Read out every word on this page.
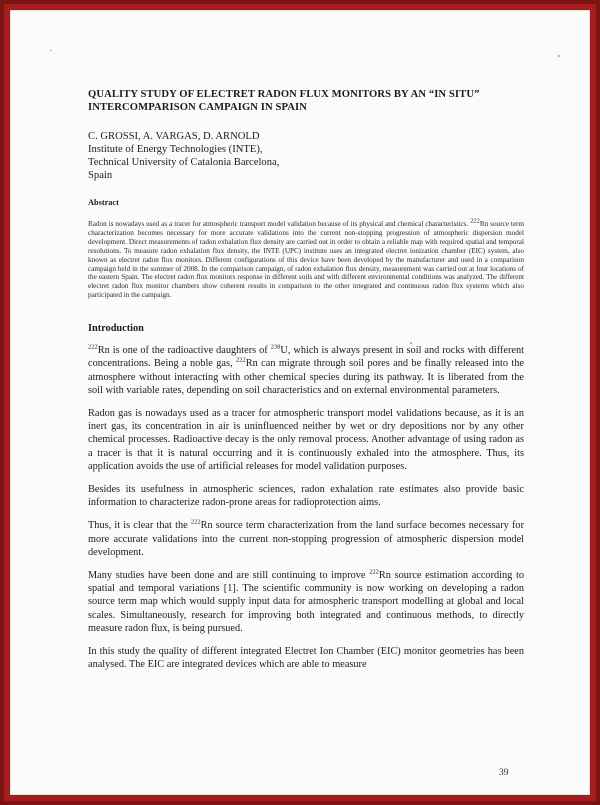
QUALITY STUDY OF ELECTRET RADON FLUX MONITORS BY AN “IN SITU”
INTERCOMPARISON CAMPAIGN IN SPAIN
C. GROSSI, A. VARGAS, D. ARNOLD
Institute of Energy Technologies (INTE),
Technical University of Catalonia Barcelona,
Spain
Abstract

Radon is nowadays used as a tracer for atmospheric transport model validation because of its physical and chemical characteristics. $^{222}$Rn source term characterization becomes necessary for more accurate validations into the current non-stopping progression of atmospheric dispersion model development. Direct measurements of radon exhalation flux density are carried out in order to obtain a reliable map with required spatial and temporal resolutions. To measure radon exhalation flux density, the INTE (UPC) institute uses an integrated electret ionization chamber (EIC) system, also known as electret radon flux monitors. Different configurations of this device have been developed by the manufacturer and used in a comparison campaign held in the summer of 2008. In the comparison campaign, of radon exhalation flux density, measurement was carried out at four locations of the eastern Spain. The electret radon flux monitors response in different soils and with different environmental conditions was analyzed. The different electret radon flux monitor chambers show coherent results in comparison to the other integrated and continuous radon flux systems which also participated in the campaign.

Introduction

$^{222}$Rn is one of the radioactive daughters of $^{238}$U, which is always present in soil and rocks with different concentrations. Being a noble gas, $^{222}$Rn can migrate through soil pores and be finally released into the atmosphere without interacting with other chemical species during its pathway. It is liberated from the soil with variable rates, depending on soil characteristics and on external environmental parameters.

Radon gas is nowadays used as a tracer for atmospheric transport model validations because, as it is an inert gas, its concentration in air is uninfluenced neither by wet or dry depositions nor by any other chemical processes. Radioactive decay is the only removal process. Another advantage of using radon as a tracer is that it is natural occurring and it is continuously exhaled into the atmosphere. Thus, its application avoids the use of artificial releases for model validation purposes.

Besides its usefulness in atmospheric sciences, radon exhalation rate estimates also provide basic information to characterize radon-prone areas for radioprotection aims.

Thus, it is clear that the $^{222}$Rn source term characterization from the land surface becomes necessary for more accurate validations into the current non-stopping progression of atmospheric dispersion model development.

Many studies have been done and are still continuing to improve $^{222}$Rn source estimation according to spatial and temporal variations [1]. The scientific community is now working on developing a radon source term map which would supply input data for atmospheric transport modelling at global and local scales. Simultaneously, research for improving both integrated and continuous methods, to directly measure radon flux, is being pursued.

In this study the quality of different integrated Electret Ion Chamber (EIC) monitor geometries has been analysed. The EIC are integrated devices which are able to measure

39
